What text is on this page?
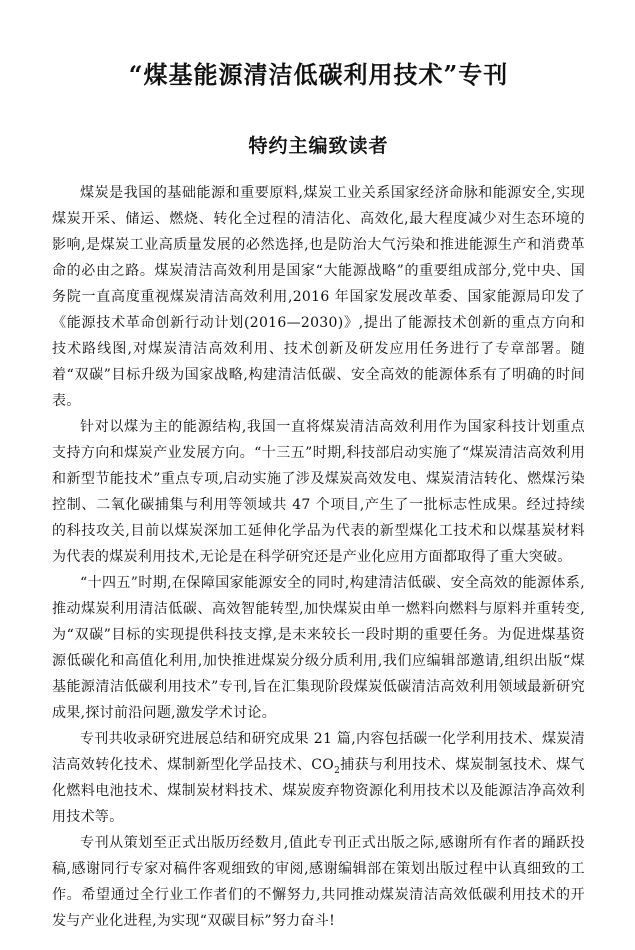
“煤基能源清洁低碳利用技术”专刊
特约主编致读者

煤炭是我国的基础能源和重要原料,煤炭工业关系国家经济命脉和能源安全,实现煤炭开采、储运、燃烧、转化全过程的清洁化、高效化,最大程度减少对生态环境的影响,是煤炭工业高质量发展的必然选择,也是防治大气污染和推进能源生产和消费革命的必由之路。煤炭清洁高效利用是国家“大能源战略”的重要组成部分,党中央、国务院一直高度重视煤炭清洁高效利用,2016 年国家发展改革委、国家能源局印发了《能源技术革命创新行动计划(2016—2030)》,提出了能源技术创新的重点方向和技术路线图,对煤炭清洁高效利用、技术创新及研发应用任务进行了专章部署。随着“双碳”目标升级为国家战略,构建清洁低碳、安全高效的能源体系有了明确的时间表。

针对以煤为主的能源结构,我国一直将煤炭清洁高效利用作为国家科技计划重点支持方向和煤炭产业发展方向。“十三五”时期,科技部启动实施了“煤炭清洁高效利用和新型节能技术”重点专项,启动实施了涉及煤炭高效发电、煤炭清洁转化、燃煤污染控制、二氧化碳捕集与利用等领域共 47 个项目,产生了一批标志性成果。经过持续的科技攻关,目前以煤炭深加工延伸化学品为代表的新型煤化工技术和以煤基炭材料为代表的煤炭利用技术,无论是在科学研究还是产业化应用方面都取得了重大突破。

“十四五”时期,在保障国家能源安全的同时,构建清洁低碳、安全高效的能源体系,推动煤炭利用清洁低碳、高效智能转型,加快煤炭由单一燃料向燃料与原料并重转变,为“双碳”目标的实现提供科技支撑,是未来较长一段时期的重要任务。为促进煤基资源低碳化和高值化利用,加快推进煤炭分级分质利用,我们应编辑部邀请,组织出版“煤基能源清洁低碳利用技术”专刊,旨在汇集现阶段煤炭低碳清洁高效利用领域最新研究成果,探讨前沿问题,激发学术讨论。

专刊共收录研究进展总结和研究成果 21 篇,内容包括碳一化学利用技术、煤炭清洁高效转化技术、煤制新型化学品技术、$CO_2$捕获与利用技术、煤炭制氢技术、煤气化燃料电池技术、煤制炭材料技术、煤炭废弃物资源化利用技术以及能源洁净高效利用技术等。

专刊从策划至正式出版历经数月,值此专刊正式出版之际,感谢所有作者的踊跃投稿,感谢同行专家对稿件客观细致的审阅,感谢编辑部在策划出版过程中认真细致的工作。希望通过全行业工作者们的不懈努力,共同推动煤炭清洁高效低碳利用技术的开发与产业化进程,为实现“双碳目标”努力奋斗!
